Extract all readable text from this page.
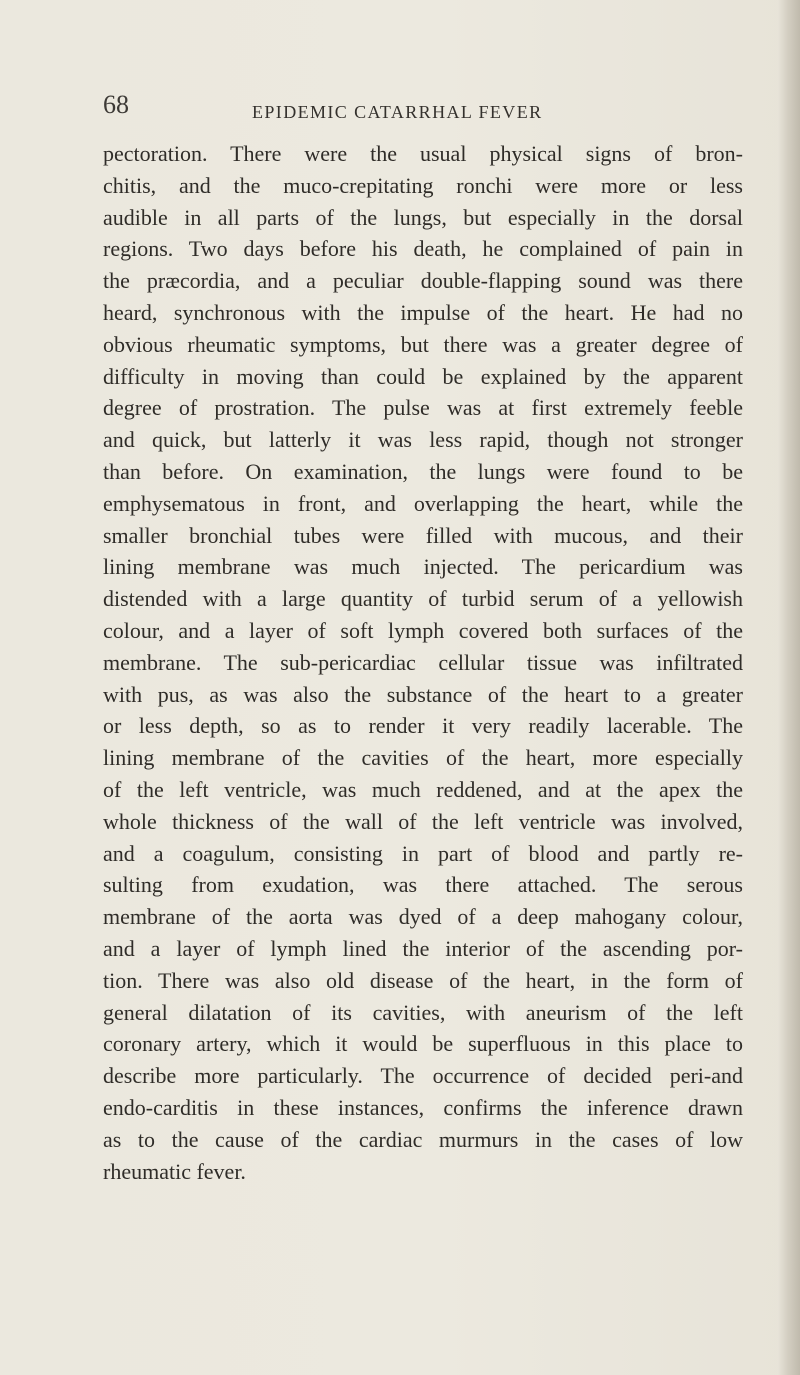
68	EPIDEMIC CATARRHAL FEVER
pectoration. There were the usual physical signs of bron-
chitis, and the muco-crepitating ronchi were more or less
audible in all parts of the lungs, but especially in the dorsal
regions. Two days before his death, he complained of pain in
the præcordia, and a peculiar double-flapping sound was there
heard, synchronous with the impulse of the heart. He had no
obvious rheumatic symptoms, but there was a greater degree of
difficulty in moving than could be explained by the apparent
degree of prostration. The pulse was at first extremely feeble
and quick, but latterly it was less rapid, though not stronger
than before. On examination, the lungs were found to be
emphysematous in front, and overlapping the heart, while the
smaller bronchial tubes were filled with mucous, and their
lining membrane was much injected. The pericardium was
distended with a large quantity of turbid serum of a yellowish
colour, and a layer of soft lymph covered both surfaces of the
membrane. The sub-pericardiac cellular tissue was infiltrated
with pus, as was also the substance of the heart to a greater
or less depth, so as to render it very readily lacerable. The
lining membrane of the cavities of the heart, more especially
of the left ventricle, was much reddened, and at the apex the
whole thickness of the wall of the left ventricle was involved,
and a coagulum, consisting in part of blood and partly re-
sulting from exudation, was there attached. The serous
membrane of the aorta was dyed of a deep mahogany colour,
and a layer of lymph lined the interior of the ascending por-
tion. There was also old disease of the heart, in the form of
general dilatation of its cavities, with aneurism of the left
coronary artery, which it would be superfluous in this place to
describe more particularly. The occurrence of decided peri-and
endo-carditis in these instances, confirms the inference drawn
as to the cause of the cardiac murmurs in the cases of low
rheumatic fever.
